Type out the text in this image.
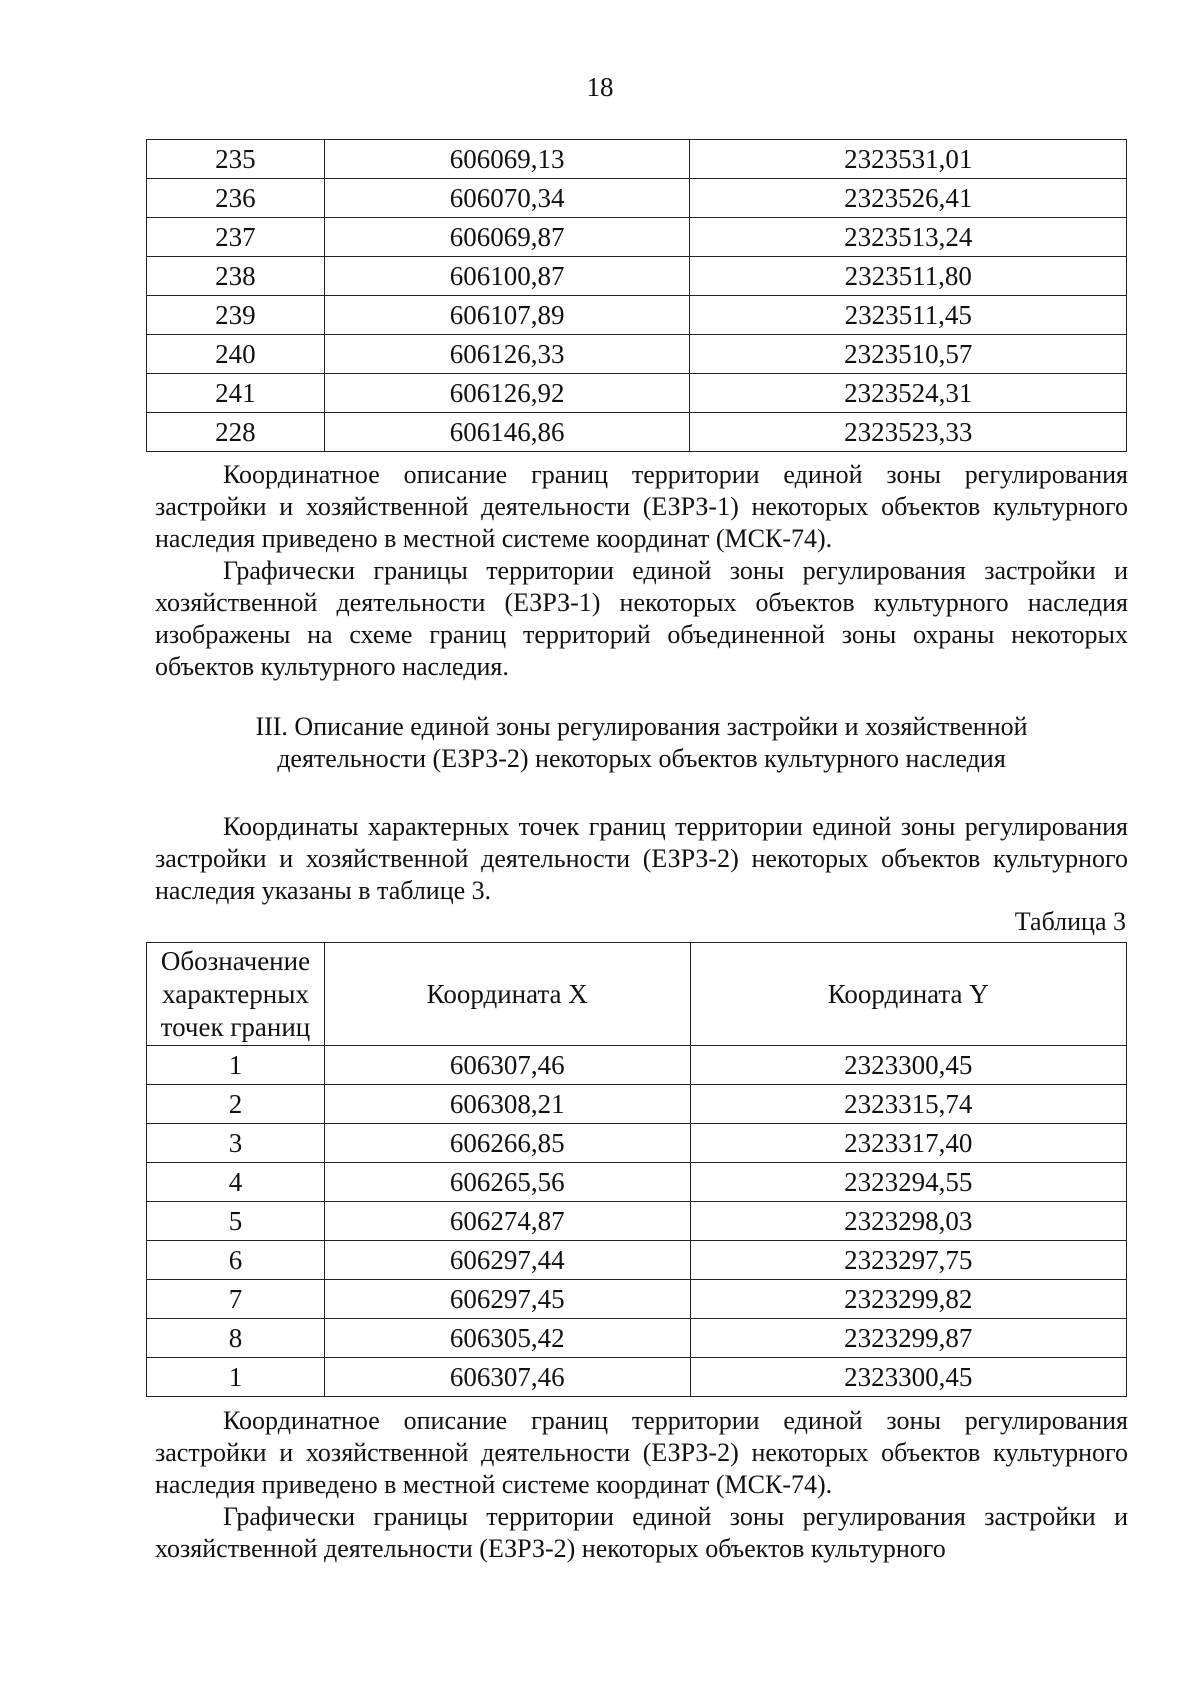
18
235	606069,13	2323531,01
236	606070,34	2323526,41
237	606069,87	2323513,24
238	606100,87	2323511,80
239	606107,89	2323511,45
240	606126,33	2323510,57
241	606126,92	2323524,31
228	606146,86	2323523,33

Координатное описание границ территории единой зоны регулирования застройки и хозяйственной деятельности (ЕЗРЗ-1) некоторых объектов культурного наследия приведено в местной системе координат (МСК-74).

Графически границы территории единой зоны регулирования застройки и хозяйственной деятельности (ЕЗРЗ-1) некоторых объектов культурного наследия изображены на схеме границ территорий объединенной зоны охраны некоторых объектов культурного наследия.

III. Описание единой зоны регулирования застройки и хозяйственной

деятельности (ЕЗРЗ-2) некоторых объектов культурного наследия

Координаты характерных точек границ территории единой зоны регулирования застройки и хозяйственной деятельности (ЕЗРЗ-2) некоторых объектов культурного наследия указаны в таблице 3.

Таблица 3
Обозначение характерных точек границ	Координата X	Координата Y
1	606307,46	2323300,45
2	606308,21	2323315,74
3	606266,85	2323317,40
4	606265,56	2323294,55
5	606274,87	2323298,03
6	606297,44	2323297,75
7	606297,45	2323299,82
8	606305,42	2323299,87
1	606307,46	2323300,45

Координатное описание границ территории единой зоны регулирования застройки и хозяйственной деятельности (ЕЗРЗ-2) некоторых объектов культурного наследия приведено в местной системе координат (МСК-74).

Графически границы территории единой зоны регулирования застройки и хозяйственной деятельности (ЕЗРЗ-2) некоторых объектов культурного
